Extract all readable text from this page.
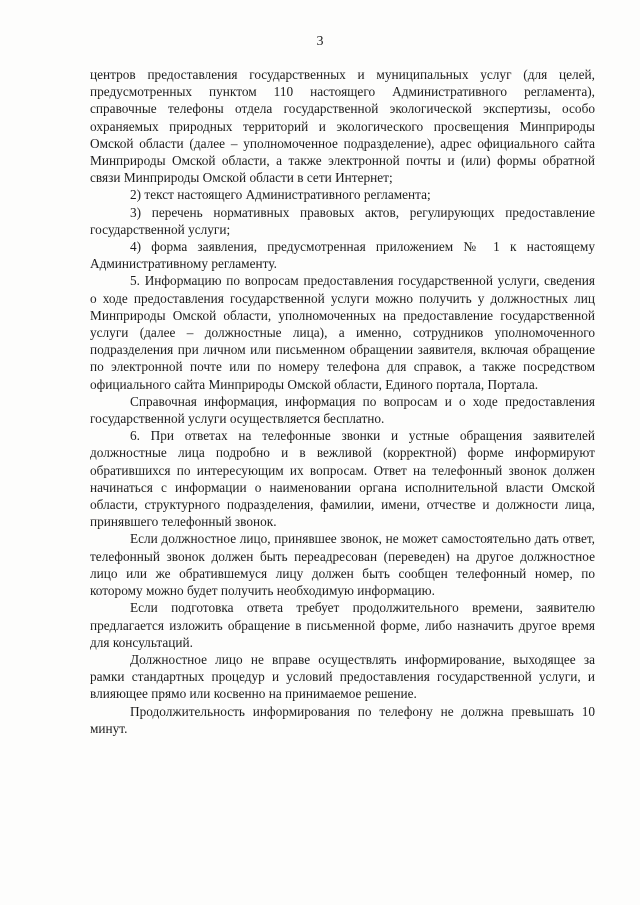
3

центров предоставления государственных и муниципальных услуг (для целей, предусмотренных пунктом 110 настоящего Административного регламента), справочные телефоны отдела государственной экологической экспертизы, особо охраняемых природных территорий и экологического просвещения Минприроды Омской области (далее – уполномоченное подразделение), адрес официального сайта Минприроды Омской области, а также электронной почты и (или) формы обратной связи Минприроды Омской области в сети Интернет;

2) текст настоящего Административного регламента;

3) перечень нормативных правовых актов, регулирующих предоставление государственной услуги;

4) форма заявления, предусмотренная приложением № 1 к настоящему Административному регламенту.

5. Информацию по вопросам предоставления государственной услуги, сведения о ходе предоставления государственной услуги можно получить у должностных лиц Минприроды Омской области, уполномоченных на предоставление государственной услуги (далее – должностные лица), а именно, сотрудников уполномоченного подразделения при личном или письменном обращении заявителя, включая обращение по электронной почте или по номеру телефона для справок, а также посредством официального сайта Минприроды Омской области, Единого портала, Портала.

Справочная информация, информация по вопросам и о ходе предоставления государственной услуги осуществляется бесплатно.

6. При ответах на телефонные звонки и устные обращения заявителей должностные лица подробно и в вежливой (корректной) форме информируют обратившихся по интересующим их вопросам. Ответ на телефонный звонок должен начинаться с информации о наименовании органа исполнительной власти Омской области, структурного подразделения, фамилии, имени, отчестве и должности лица, принявшего телефонный звонок.

Если должностное лицо, принявшее звонок, не может самостоятельно дать ответ, телефонный звонок должен быть переадресован (переведен) на другое должностное лицо или же обратившемуся лицу должен быть сообщен телефонный номер, по которому можно будет получить необходимую информацию.

Если подготовка ответа требует продолжительного времени, заявителю предлагается изложить обращение в письменной форме, либо назначить другое время для консультаций.

Должностное лицо не вправе осуществлять информирование, выходящее за рамки стандартных процедур и условий предоставления государственной услуги, и влияющее прямо или косвенно на принимаемое решение.

Продолжительность информирования по телефону не должна превышать 10 минут.
